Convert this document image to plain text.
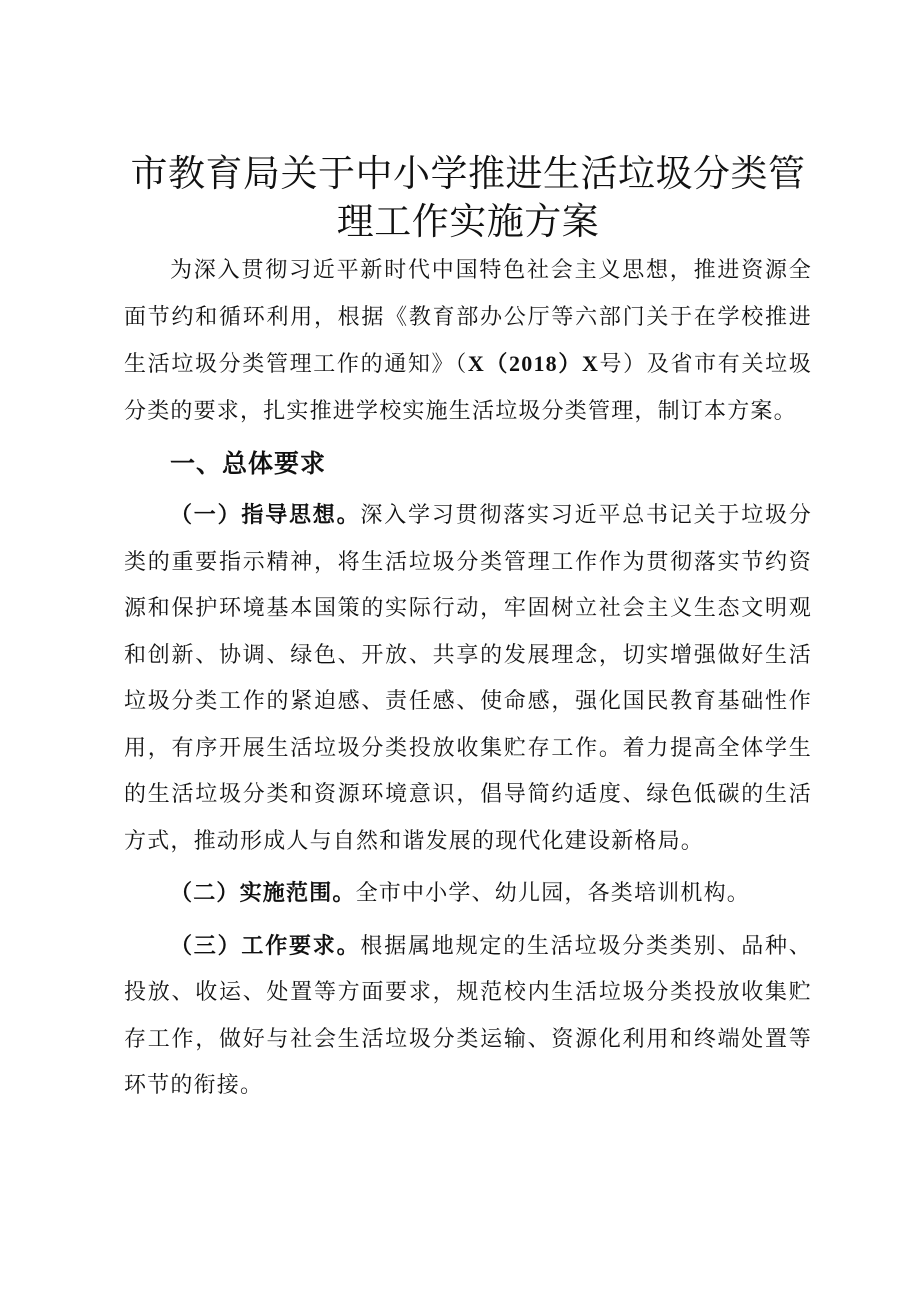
市教育局关于中小学推进生活垃圾分类管理工作实施方案

为深入贯彻习近平新时代中国特色社会主义思想，推进资源全面节约和循环利用，根据《教育部办公厅等六部门关于在学校推进生活垃圾分类管理工作的通知》（X（2018）X号）及省市有关垃圾分类的要求，扎实推进学校实施生活垃圾分类管理，制订本方案。

一、总体要求

（一）指导思想。深入学习贯彻落实习近平总书记关于垃圾分类的重要指示精神，将生活垃圾分类管理工作作为贯彻落实节约资源和保护环境基本国策的实际行动，牢固树立社会主义生态文明观和创新、协调、绿色、开放、共享的发展理念，切实增强做好生活垃圾分类工作的紧迫感、责任感、使命感，强化国民教育基础性作用，有序开展生活垃圾分类投放收集贮存工作。着力提高全体学生的生活垃圾分类和资源环境意识，倡导简约适度、绿色低碳的生活方式，推动形成人与自然和谐发展的现代化建设新格局。

（二）实施范围。全市中小学、幼儿园，各类培训机构。

（三）工作要求。根据属地规定的生活垃圾分类类别、品种、投放、收运、处置等方面要求，规范校内生活垃圾分类投放收集贮存工作，做好与社会生活垃圾分类运输、资源化利用和终端处置等环节的衔接。
